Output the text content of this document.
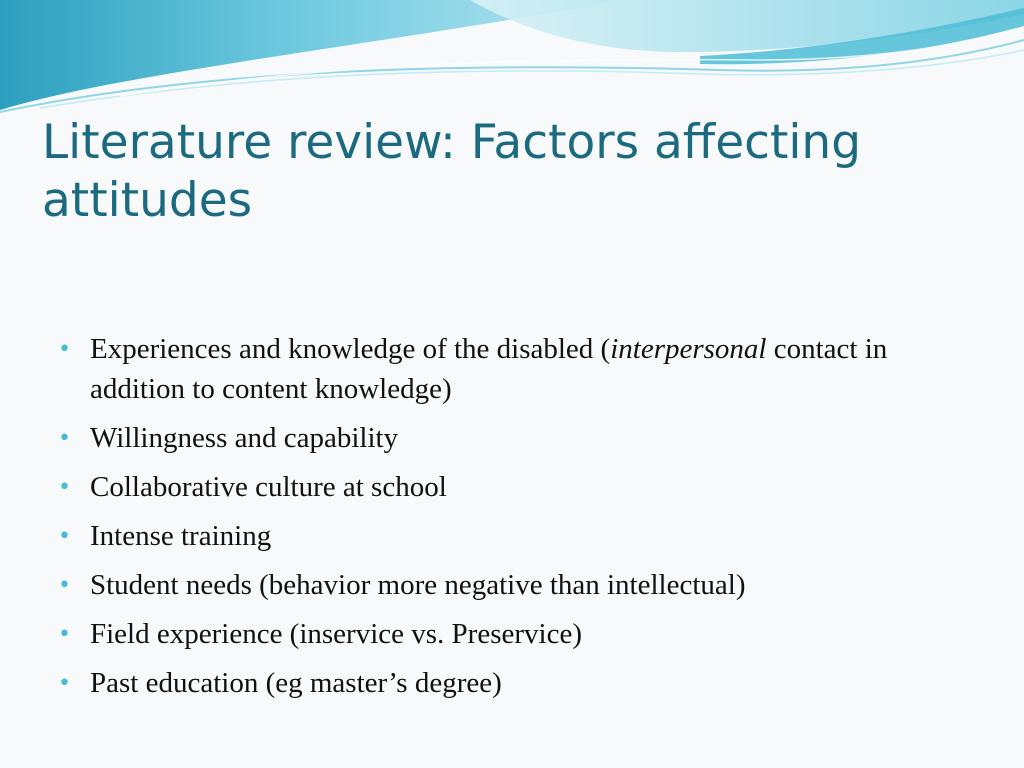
Literature review: Factors affecting attitudes
• Experiences and knowledge of the disabled (interpersonal contact in addition to content knowledge)
• Willingness and capability
• Collaborative culture at school
• Intense training
• Student needs (behavior more negative than intellectual)
• Field experience (inservice vs. Preservice)
• Past education (eg master’s degree)
